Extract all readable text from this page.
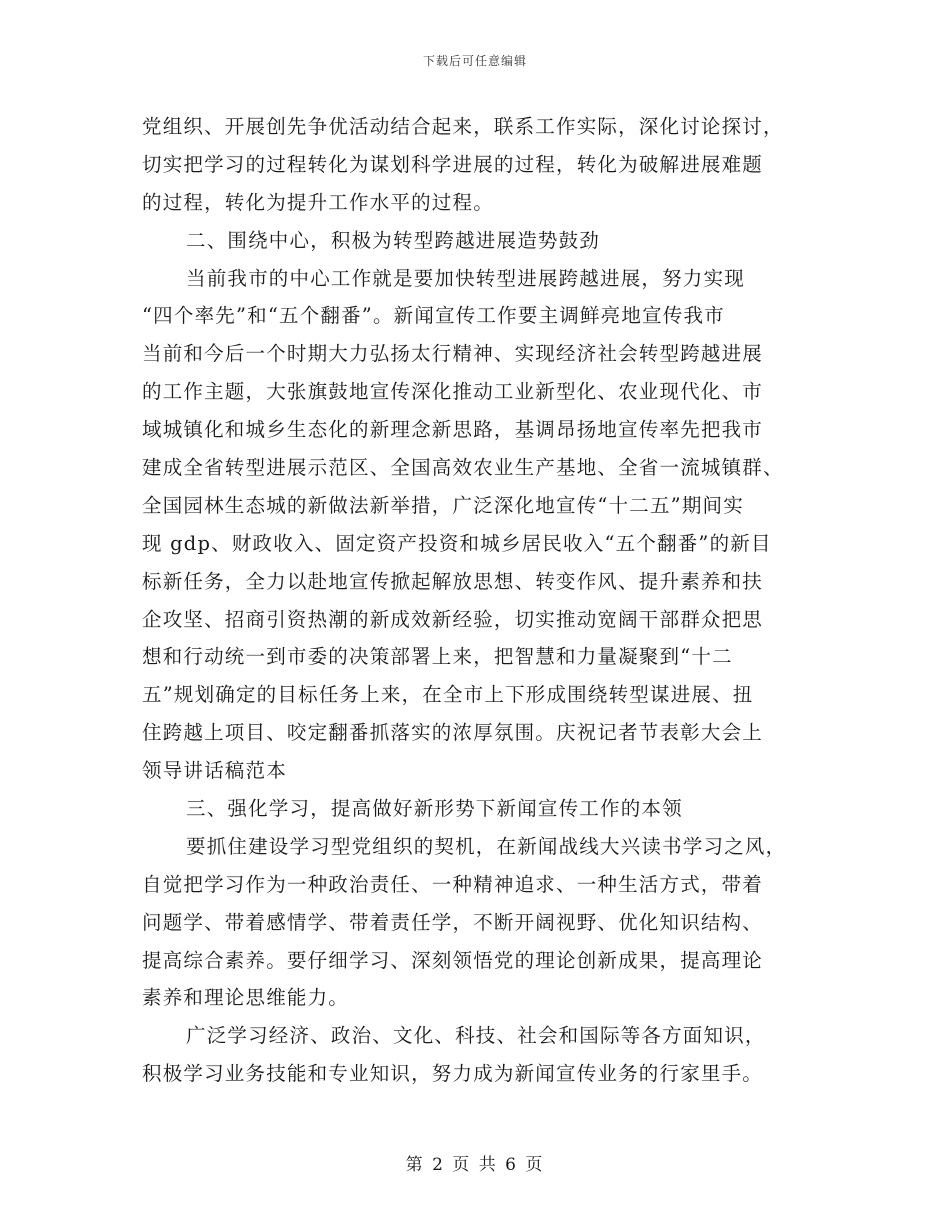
下载后可任意编辑
党组织、开展创先争优活动结合起来，联系工作实际，深化讨论探讨，
切实把学习的过程转化为谋划科学进展的过程，转化为破解进展难题
的过程，转化为提升工作水平的过程。
二、围绕中心，积极为转型跨越进展造势鼓劲
当前我市的中心工作就是要加快转型进展跨越进展，努力实现
“四个率先”和“五个翻番”。新闻宣传工作要主调鲜亮地宣传我市
当前和今后一个时期大力弘扬太行精神、实现经济社会转型跨越进展
的工作主题，大张旗鼓地宣传深化推动工业新型化、农业现代化、市
域城镇化和城乡生态化的新理念新思路，基调昂扬地宣传率先把我市
建成全省转型进展示范区、全国高效农业生产基地、全省一流城镇群、
全国园林生态城的新做法新举措，广泛深化地宣传“十二五”期间实
现 gdp、财政收入、固定资产投资和城乡居民收入“五个翻番”的新目
标新任务，全力以赴地宣传掀起解放思想、转变作风、提升素养和扶
企攻坚、招商引资热潮的新成效新经验，切实推动宽阔干部群众把思
想和行动统一到市委的决策部署上来，把智慧和力量凝聚到“十二
五”规划确定的目标任务上来，在全市上下形成围绕转型谋进展、扭
住跨越上项目、咬定翻番抓落实的浓厚氛围。庆祝记者节表彰大会上
领导讲话稿范本
三、强化学习，提高做好新形势下新闻宣传工作的本领
要抓住建设学习型党组织的契机，在新闻战线大兴读书学习之风，
自觉把学习作为一种政治责任、一种精神追求、一种生活方式，带着
问题学、带着感情学、带着责任学，不断开阔视野、优化知识结构、
提高综合素养。要仔细学习、深刻领悟党的理论创新成果，提高理论
素养和理论思维能力。
广泛学习经济、政治、文化、科技、社会和国际等各方面知识，
积极学习业务技能和专业知识，努力成为新闻宣传业务的行家里手。
第 2 页 共 6 页
